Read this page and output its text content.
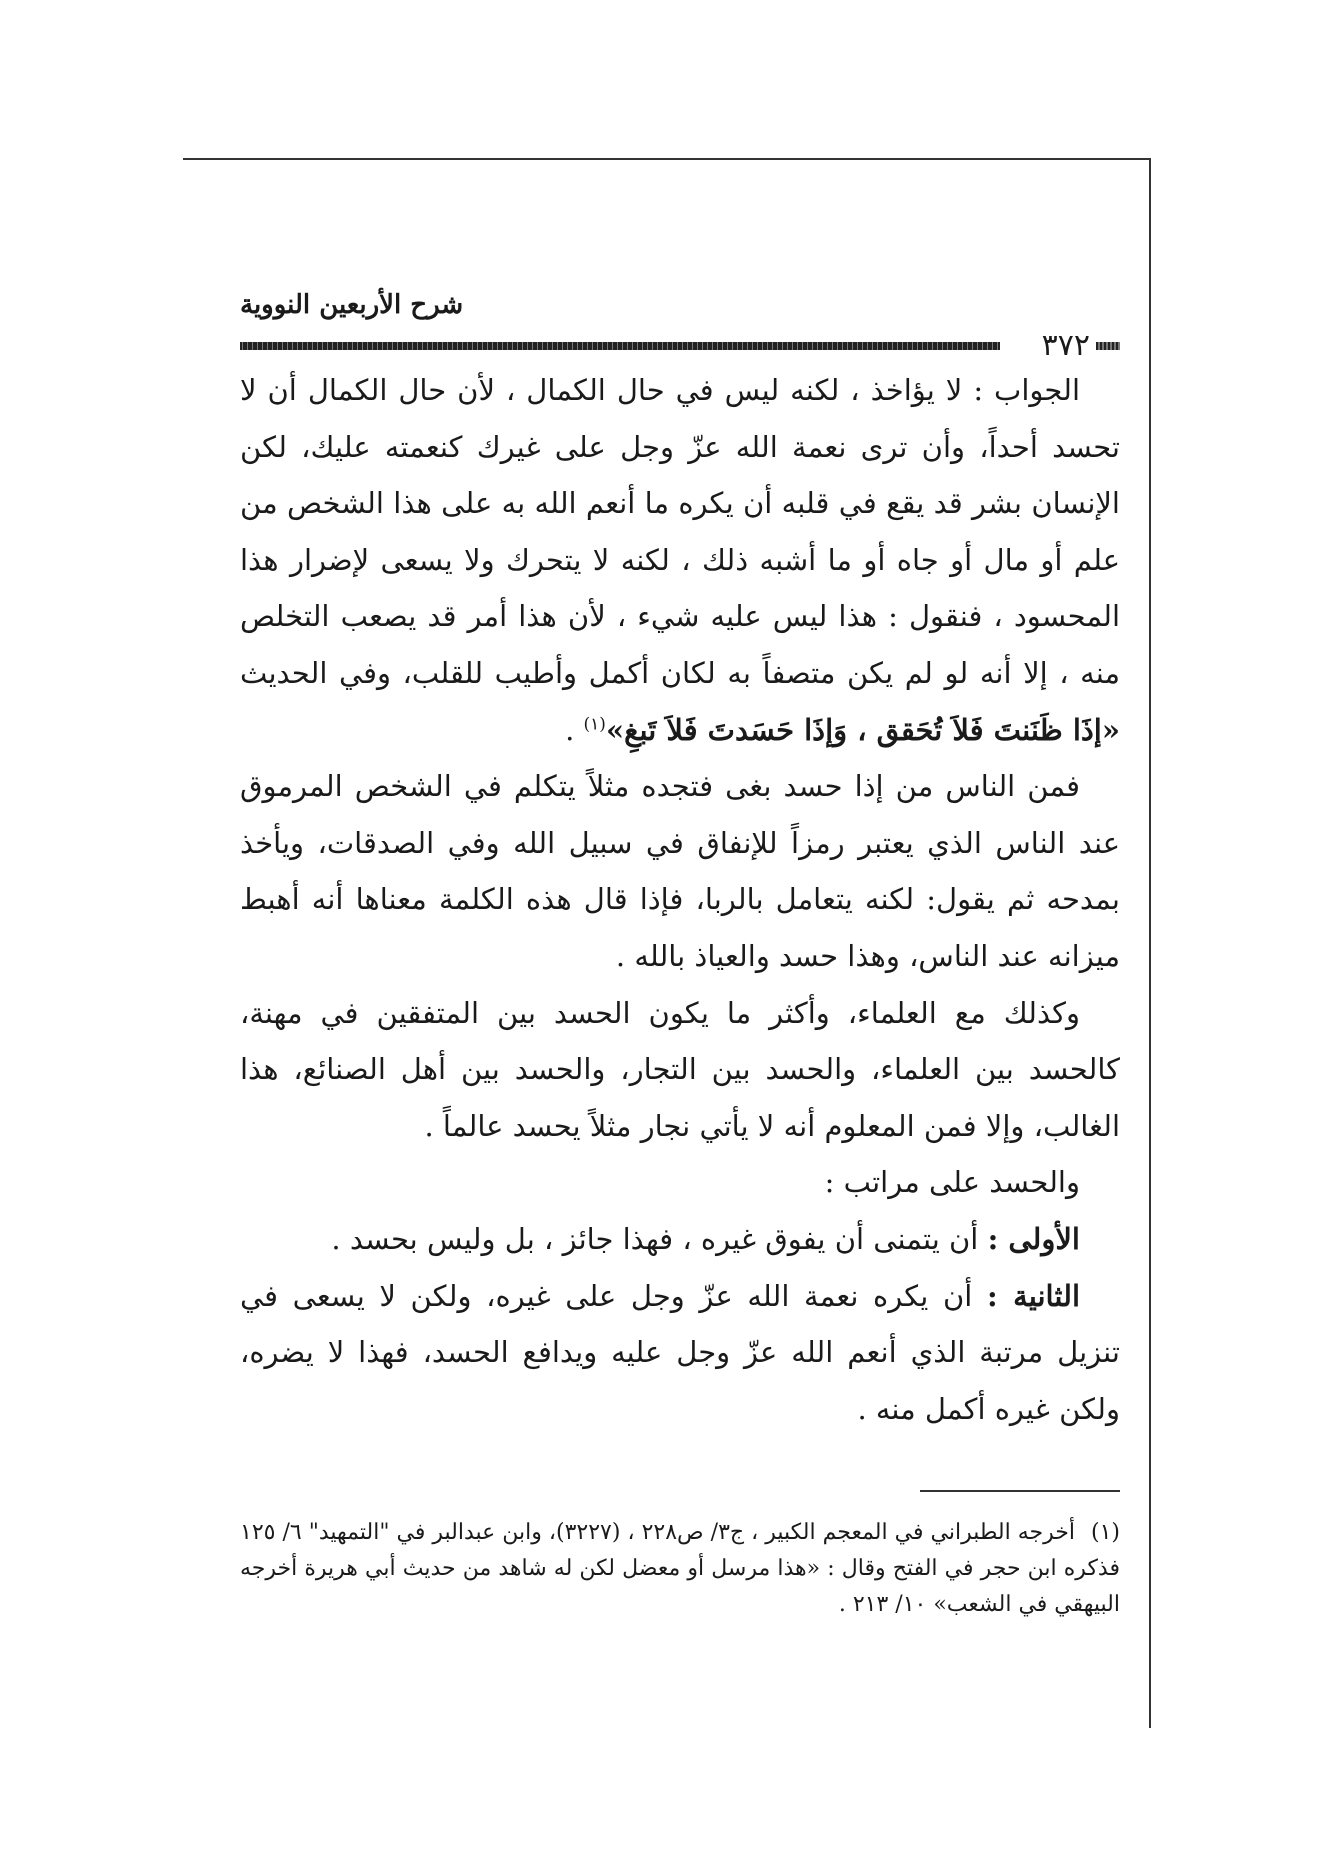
شرح الأربعين النووية
٣٧٢

الجواب : لا يؤاخذ ، لكنه ليس في حال الكمال ، لأن حال الكمال أن لا تحسد أحداً، وأن ترى نعمة الله عزّ وجل على غيرك كنعمته عليك، لكن الإنسان بشر قد يقع في قلبه أن يكره ما أنعم الله به على هذا الشخص من علم أو مال أو جاه أو ما أشبه ذلك ، لكنه لا يتحرك ولا يسعى لإضرار هذا المحسود ، فنقول : هذا ليس عليه شيء ، لأن هذا أمر قد يصعب التخلص منه ، إلا أنه لو لم يكن متصفاً به لكان أكمل وأطيب للقلب، وفي الحديث «إذَا ظَنَنتَ فَلاَ تُحَقق ، وَإذَا حَسَدتَ فَلاَ تَبغِ»$^{(١)}$ .

فمن الناس من إذا حسد بغى فتجده مثلاً يتكلم في الشخص المرموق عند الناس الذي يعتبر رمزاً للإنفاق في سبيل الله وفي الصدقات، ويأخذ بمدحه ثم يقول: لكنه يتعامل بالربا، فإذا قال هذه الكلمة معناها أنه أهبط ميزانه عند الناس، وهذا حسد والعياذ بالله .

وكذلك مع العلماء، وأكثر ما يكون الحسد بين المتفقين في مهنة، كالحسد بين العلماء، والحسد بين التجار، والحسد بين أهل الصنائع، هذا الغالب، وإلا فمن المعلوم أنه لا يأتي نجار مثلاً يحسد عالماً .

والحسد على مراتب :

الأولى : أن يتمنى أن يفوق غيره ، فهذا جائز ، بل وليس بحسد .

الثانية : أن يكره نعمة الله عزّ وجل على غيره، ولكن لا يسعى في تنزيل مرتبة الذي أنعم الله عزّ وجل عليه ويدافع الحسد، فهذا لا يضره، ولكن غيره أكمل منه .

(١)أخرجه الطبراني في المعجم الكبير ، ج٣/ ص٢٢٨ ، (٣٢٢٧)، وابن عبدالبر في "التمهيد" ٦/ ١٢٥ فذكره ابن حجر في الفتح وقال : «هذا مرسل أو معضل لكن له شاهد من حديث أبي هريرة أخرجه البيهقي في الشعب» ١٠/ ٢١٣ .
